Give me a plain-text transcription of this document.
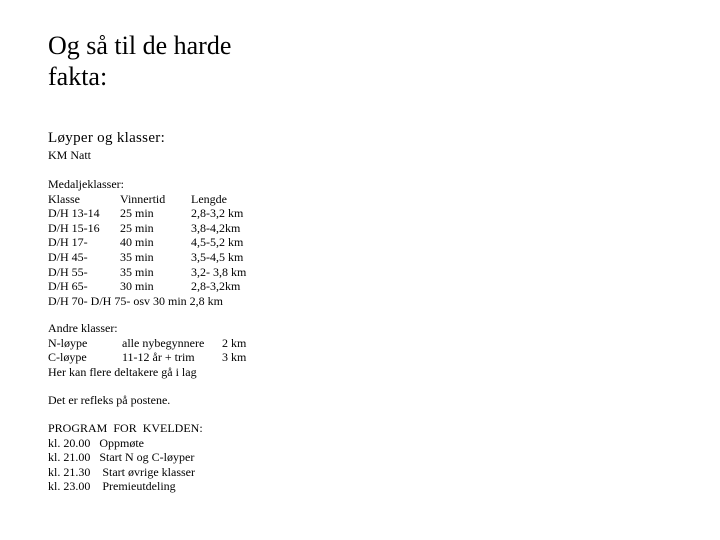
Og så til de harde
fakta:
Løyper og klasser:
KM Natt
Medaljeklasser:
Klasse	Vinnertid Lengde
D/H 13-14 25 min	2,8-3,2 km
D/H 15-16 25 min	3,8-4,2km
D/H 17-	40 min	4,5-5,2 km
D/H 45-	35 min	3,5-4,5 km
D/H 55-	35 min	3,2- 3,8 km
D/H 65-	30 min	2,8-3,2km
D/H 70- D/H 75- osv 30 min 2,8 km
Andre klasser:
N-løype	alle nybegynnere 2 km
C-løype	11-12 år + trim 3 km
Her kan flere deltakere gå i lag
Det er refleks på postene.
PROGRAM  FOR  KVELDEN:
kl. 20.00   Oppmøte
kl. 21.00   Start N og C-løyper
kl. 21.30    Start øvrige klasser
kl. 23.00    Premieutdeling
